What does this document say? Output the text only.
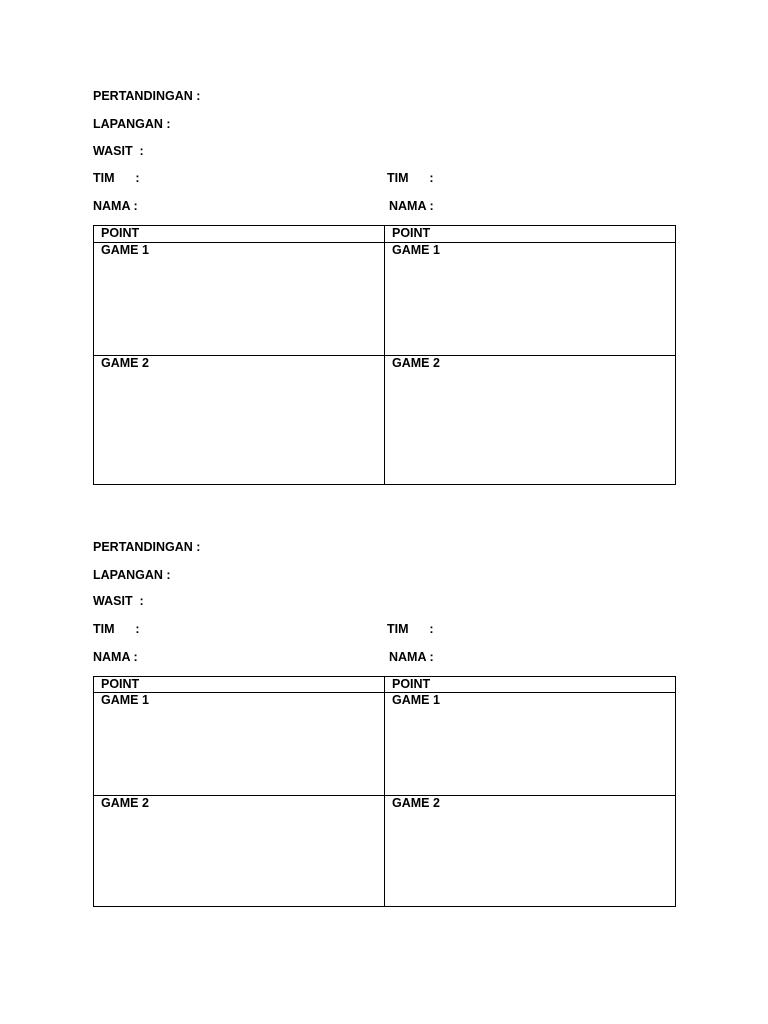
PERTANDINGAN :

LAPANGAN :

WASIT  :

TIM      :	TIM      :

NAMA :	NAMA :

POINT	POINT
GAME 1	GAME 1
GAME 2	GAME 2

PERTANDINGAN :

LAPANGAN :

WASIT  :

TIM      :	TIM      :

NAMA :	NAMA :

POINT	POINT
GAME 1	GAME 1
GAME 2	GAME 2
